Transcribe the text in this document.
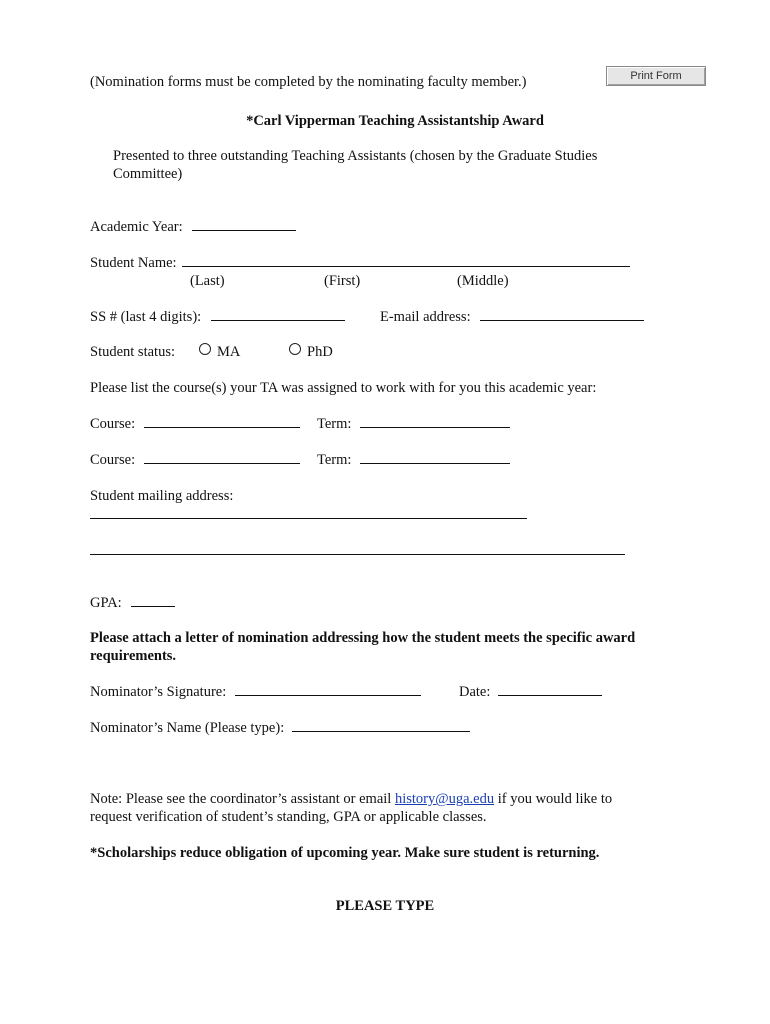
Print Form
(Nomination forms must be completed by the nominating faculty member.)
*Carl Vipperman Teaching Assistantship Award
Presented to three outstanding Teaching Assistants (chosen by the Graduate Studies
Committee)
Academic Year:
Student Name:
(Last)	(First)	(Middle)
SS # (last 4 digits):	E-mail address:
Student status:	MA	PhD
Please list the course(s) your TA was assigned to work with for you this academic year:
Course:	Term:
Course:	Term:
Student mailing address:
GPA:
Please attach a letter of nomination addressing how the student meets the specific award
requirements.
Nominator’s Signature:	Date:
Nominator’s Name (Please type):
Note: Please see the coordinator’s assistant or email history@uga.edu if you would like to
request verification of student’s standing, GPA or applicable classes.
*Scholarships reduce obligation of upcoming year. Make sure student is returning.
PLEASE TYPE
